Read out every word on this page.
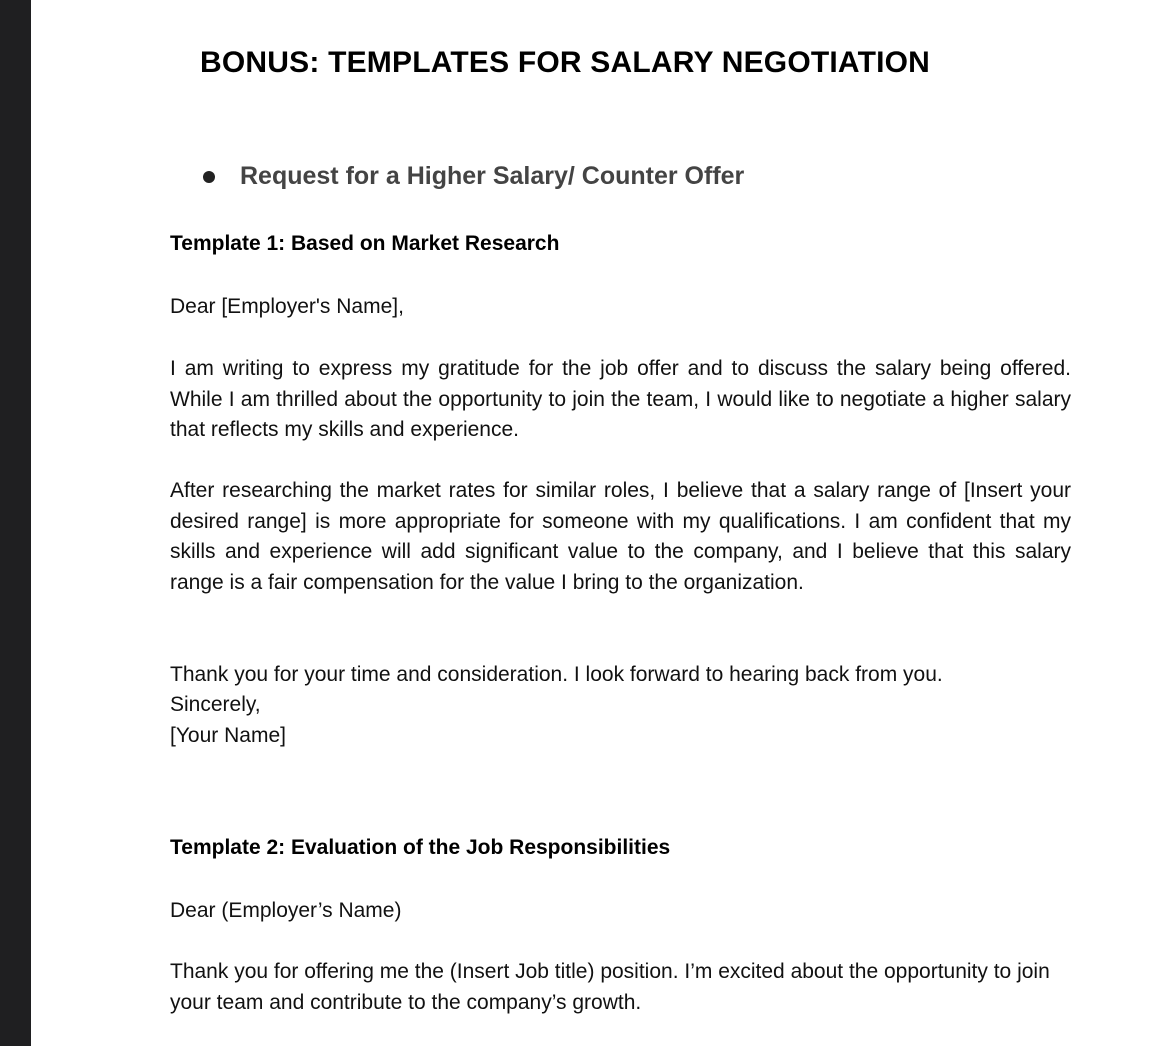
BONUS: TEMPLATES FOR SALARY NEGOTIATION
Request for a Higher Salary/ Counter Offer

Template 1: Based on Market Research

Dear [Employer's Name],

I am writing to express my gratitude for the job offer and to discuss the salary being offered. While I am thrilled about the opportunity to join the team, I would like to negotiate a higher salary that reflects my skills and experience.

After researching the market rates for similar roles, I believe that a salary range of [Insert your desired range] is more appropriate for someone with my qualifications. I am confident that my skills and experience will add significant value to the company, and I believe that this salary range is a fair compensation for the value I bring to the organization.

Thank you for your time and consideration. I look forward to hearing back from you.

Sincerely,

[Your Name]

Template 2: Evaluation of the Job Responsibilities

Dear (Employer’s Name)

Thank you for offering me the (Insert Job title) position. I’m excited about the opportunity to join your team and contribute to the company’s growth.
